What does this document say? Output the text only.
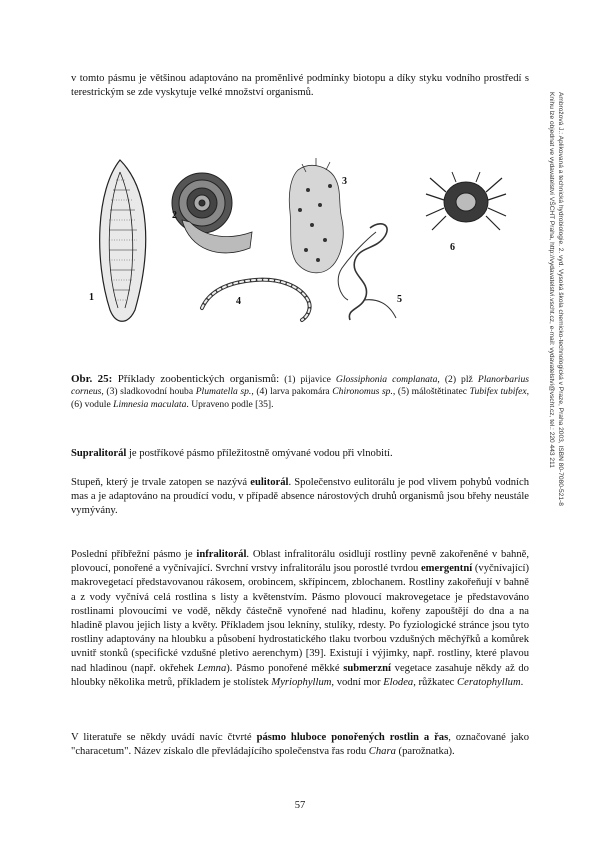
Ambrožová J.: Aplikovaná a technická hydrobiologie. 2. vyd. Vysoká škola chemicko-technologická v Praze, Praha 2003, ISBN 80-7080-521-8
Knihu lze objednat ve vydavatelství VŠCHT Praha, http://vydavatelstvi.vscht.cz, e-mail: vydavatelstvi@vscht.cz, tel.: 220 443 211
v tomto pásmu je většinou adaptováno na proměnlivé podmínky biotopu a díky styku vodního prostředí s terestrickým se zde vyskytuje velké množství organismů.
1
2
3
4	5
6
Obr. 25: Příklady zoobentických organismů: (1) pijavice Glossiphonia complanata, (2) plž Planorbarius corneus, (3) sladkovodní houba Plumatella sp., (4) larva pakomára Chironomus sp., (5) máloštětinatec Tubifex tubifex, (6) vodule Limnesia maculata. Upraveno podle [35].
Supralitorál je postříkové pásmo příležitostně omývané vodou při vlnobití.
Stupeň, který je trvale zatopen se nazývá eulitorál. Společenstvo eulitorálu je pod vlivem pohybů vodních mas a je adaptováno na proudící vodu, v případě absence nárostových druhů organismů jsou břehy neustále vymývány.
Poslední příbřežní pásmo je infralitorál. Oblast infralitorálu osidlují rostliny pevně zakořeněné v bahně, plovoucí, ponořené a vyčnívající. Svrchní vrstvy infralitorálu jsou porostlé tvrdou emergentní (vyčnívající) makrovegetací představovanou rákosem, orobincem, skřípincem, zblochanem. Rostliny zakořeňují v bahně a z vody vyčnívá celá rostlina s listy a květenstvím. Pásmo plovoucí makrovegetace je představováno rostlinami plovoucími ve vodě, někdy částečně vynořené nad hladinu, kořeny zapouštějí do dna a na hladině plavou jejich listy a květy. Příkladem jsou lekníny, stulíky, rdesty. Po fyziologické stránce jsou tyto rostliny adaptovány na hloubku a působení hydrostatického tlaku tvorbou vzdušných měchýřků a komůrek uvnitř stonků (specifické vzdušné pletivo aerenchym) [39]. Existují i výjimky, např. rostliny, které plavou nad hladinou (např. okřehek Lemna). Pásmo ponořené měkké submerzní vegetace zasahuje někdy až do hloubky několika metrů, příkladem je stolístek Myriophyllum, vodní mor Elodea, růžkatec Ceratophyllum.
V literatuře se někdy uvádí navíc čtvrté pásmo hluboce ponořených rostlin a řas, označované jako "characetum". Název získalo dle převládajícího společenstva řas rodu Chara (parožnatka).
57
